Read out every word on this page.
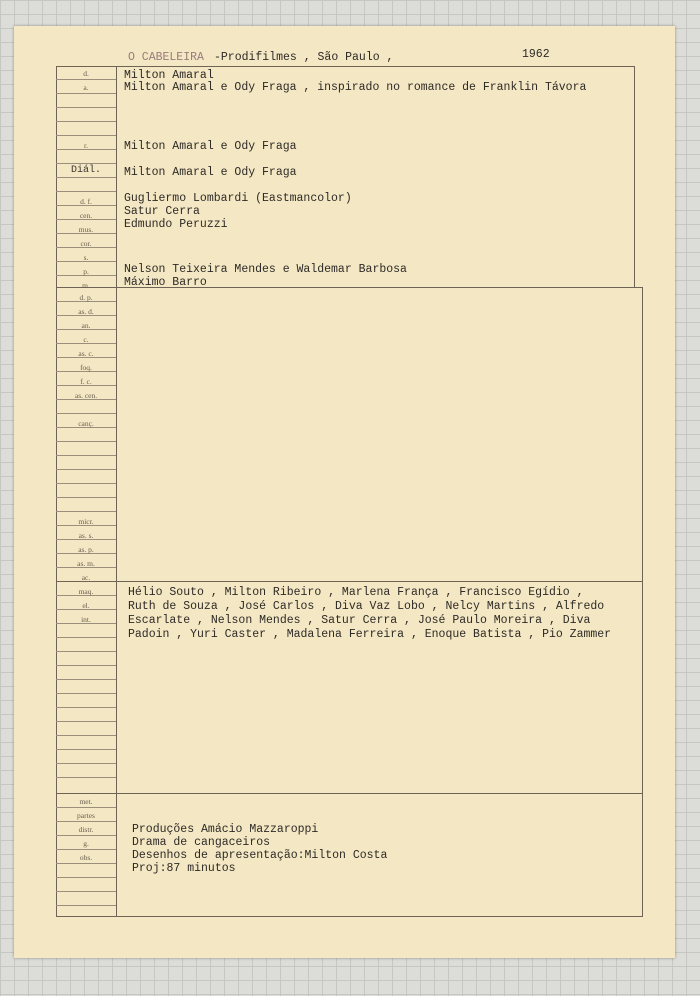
O CABELEIRA -Prodifilmes , São Paulo ,	1962
d.
a.
r.
Diál.
d. f.
cen.
mus.
cor.
s.
p.
m.
d. p.
as. d.
an.
c.
as. c.
foq.
f. c.
as. cen.
canç.
micr.
as. s.
as. p.
as. m.
ac.
maq.
el.
int.
met.
partes
distr.
g.
obs.
Milton Amaral
Milton Amaral e Ody Fraga , inspirado no romance de Franklin Távora
Milton Amaral e Ody Fraga
Milton Amaral e Ody Fraga
Gugliermo Lombardi (Eastmancolor)
Satur Cerra
Edmundo Peruzzi
Nelson Teixeira Mendes e Waldemar Barbosa
Máximo Barro
Hélio Souto , Milton Ribeiro , Marlena França , Francisco Egídio ,
Ruth de Souza , José Carlos , Diva Vaz Lobo , Nelcy Martins , Alfredo
Escarlate , Nelson Mendes , Satur Cerra , José Paulo Moreira , Diva
Padoin , Yuri Caster , Madalena Ferreira , Enoque Batista , Pio Zammer
Produções Amácio Mazzaroppi
Drama de cangaceiros
Desenhos de apresentação:Milton Costa
Proj:87 minutos
